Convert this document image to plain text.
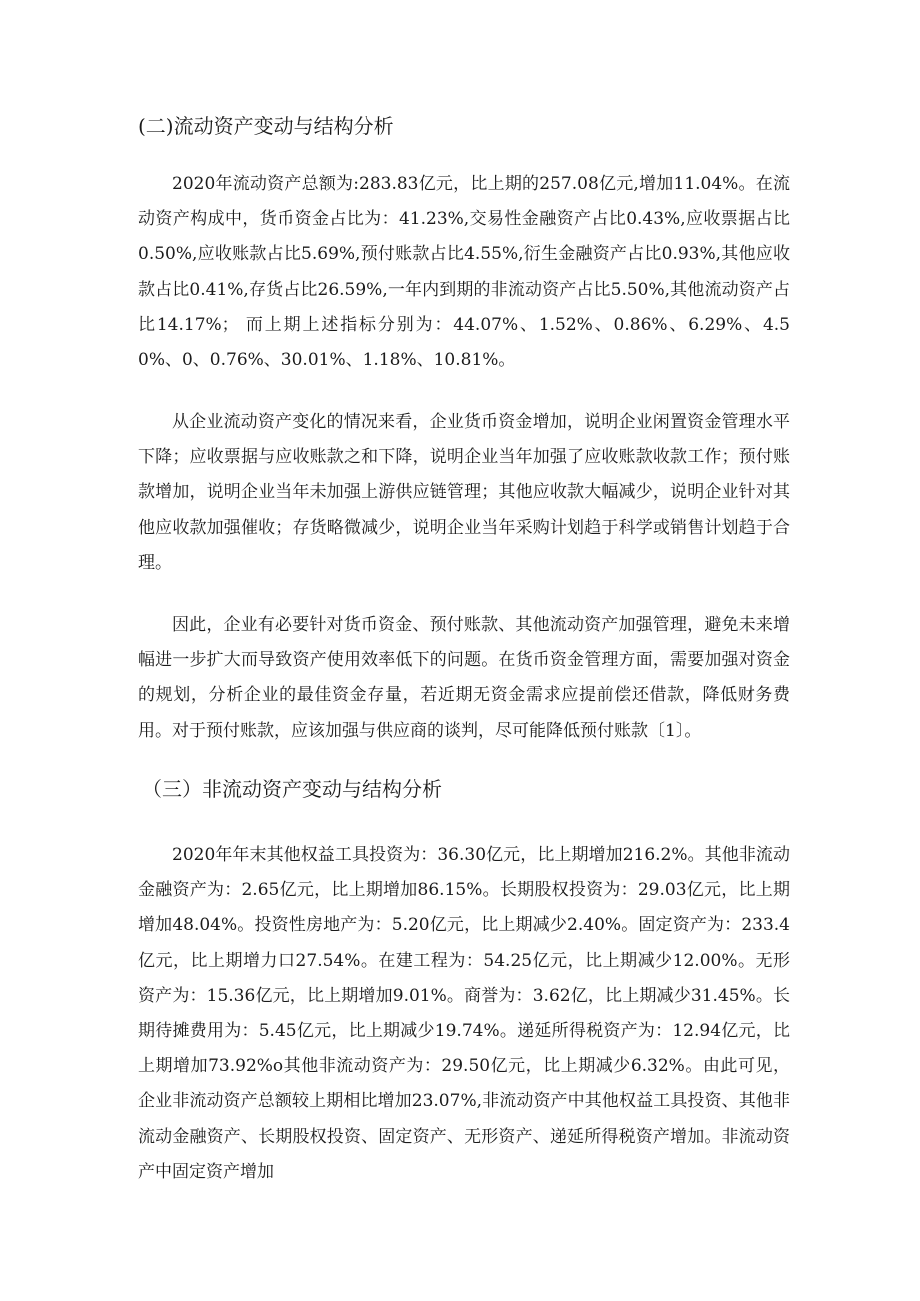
(二)流动资产变动与结构分析

2020年流动资产总额为:283.83亿元，比上期的257.08亿元,增加11.04%。在流动资产构成中，货币资金占比为：41.23%,交易性金融资产占比0.43%,应收票据占比0.50%,应收账款占比5.69%,预付账款占比4.55%,衍生金融资产占比0.93%,其他应收款占比0.41%,存货占比26.59%,一年内到期的非流动资产占比5.50%,其他流动资产占比14.17%； 而上期上述指标分别为：44.07%、1.52%、0.86%、6.29%、4.50%、0、0.76%、30.01%、1.18%、10.81%。

从企业流动资产变化的情况来看，企业货币资金增加，说明企业闲置资金管理水平下降；应收票据与应收账款之和下降，说明企业当年加强了应收账款收款工作；预付账款增加，说明企业当年未加强上游供应链管理；其他应收款大幅减少，说明企业针对其他应收款加强催收；存货略微减少，说明企业当年采购计划趋于科学或销售计划趋于合理。

因此，企业有必要针对货币资金、预付账款、其他流动资产加强管理，避免未来增幅进一步扩大而导致资产使用效率低下的问题。在货币资金管理方面，需要加强对资金的规划，分析企业的最佳资金存量，若近期无资金需求应提前偿还借款，降低财务费用。对于预付账款，应该加强与供应商的谈判，尽可能降低预付账款〔1〕。

（三）非流动资产变动与结构分析

2020年年末其他权益工具投资为：36.30亿元，比上期增加216.2%。其他非流动金融资产为：2.65亿元，比上期增加86.15%。长期股权投资为：29.03亿元，比上期增加48.04%。投资性房地产为：5.20亿元，比上期减少2.40%。固定资产为：233.4亿元，比上期增力口27.54%。在建工程为：54.25亿元，比上期减少12.00%。无形资产为：15.36亿元，比上期增加9.01%。商誉为：3.62亿，比上期减少31.45%。长期待摊费用为：5.45亿元，比上期减少19.74%。递延所得税资产为：12.94亿元，比上期增加73.92%o其他非流动资产为：29.50亿元，比上期减少6.32%。由此可见，企业非流动资产总额较上期相比增加23.07%,非流动资产中其他权益工具投资、其他非流动金融资产、长期股权投资、固定资产、无形资产、递延所得税资产增加。非流动资产中固定资产增加
